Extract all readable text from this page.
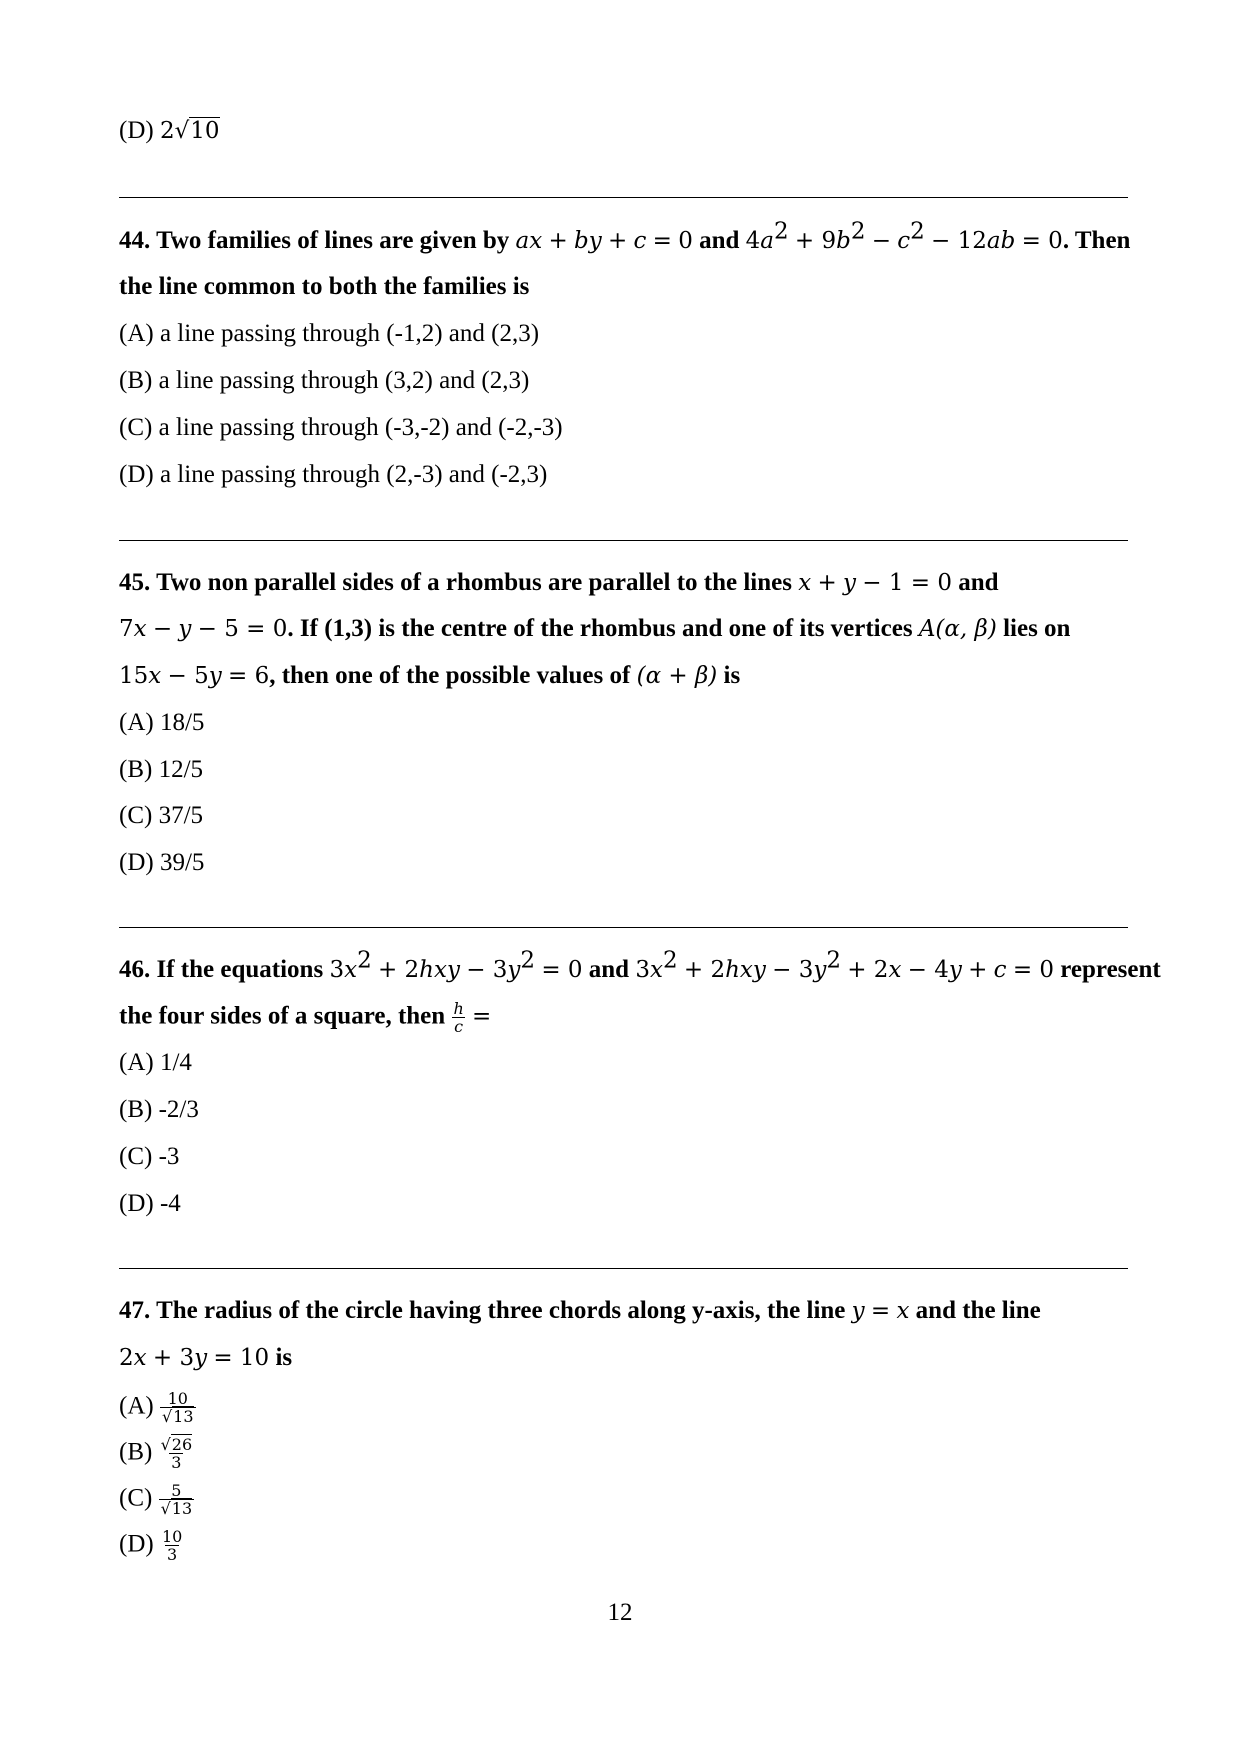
(D) 2√10
44. Two families of lines are given by ax + by + c = 0 and $4a^2 + 9b^2 - c^2 - 12ab = 0$. Then
the line common to both the families is
(A) a line passing through (-1,2) and (2,3)
(B) a line passing through (3,2) and (2,3)
(C) a line passing through (-3,-2) and (-2,-3)
(D) a line passing through (2,-3) and (-2,3)
45. Two non parallel sides of a rhombus are parallel to the lines x + y − 1 = 0 and
7x − y − 5 = 0. If (1,3) is the centre of the rhombus and one of its vertices A(α, β) lies on
15x − 5y = 6, then one of the possible values of (α + β) is
(A) 18/5
(B) 12/5
(C) 37/5
(D) 39/5
46. If the equations $3x^2 + 2hxy - 3y^2 = 0$ and $3x^2 + 2hxy - 3y^2 + 2x - 4y + c = 0$ represent
the four sides of a square, then $\frac{h}{c}$ =
(A) 1/4
(B) -2/3
(C) -3
(D) -4
47. The radius of the circle having three chords along y-axis, the line y = x and the line
2x + 3y = 10 is
$(A) \frac{10}{√13}$
$(B) \frac{√26}{3}$
$(C) \frac{5}{√13}$
$(D) \frac{10}{3}$
12
